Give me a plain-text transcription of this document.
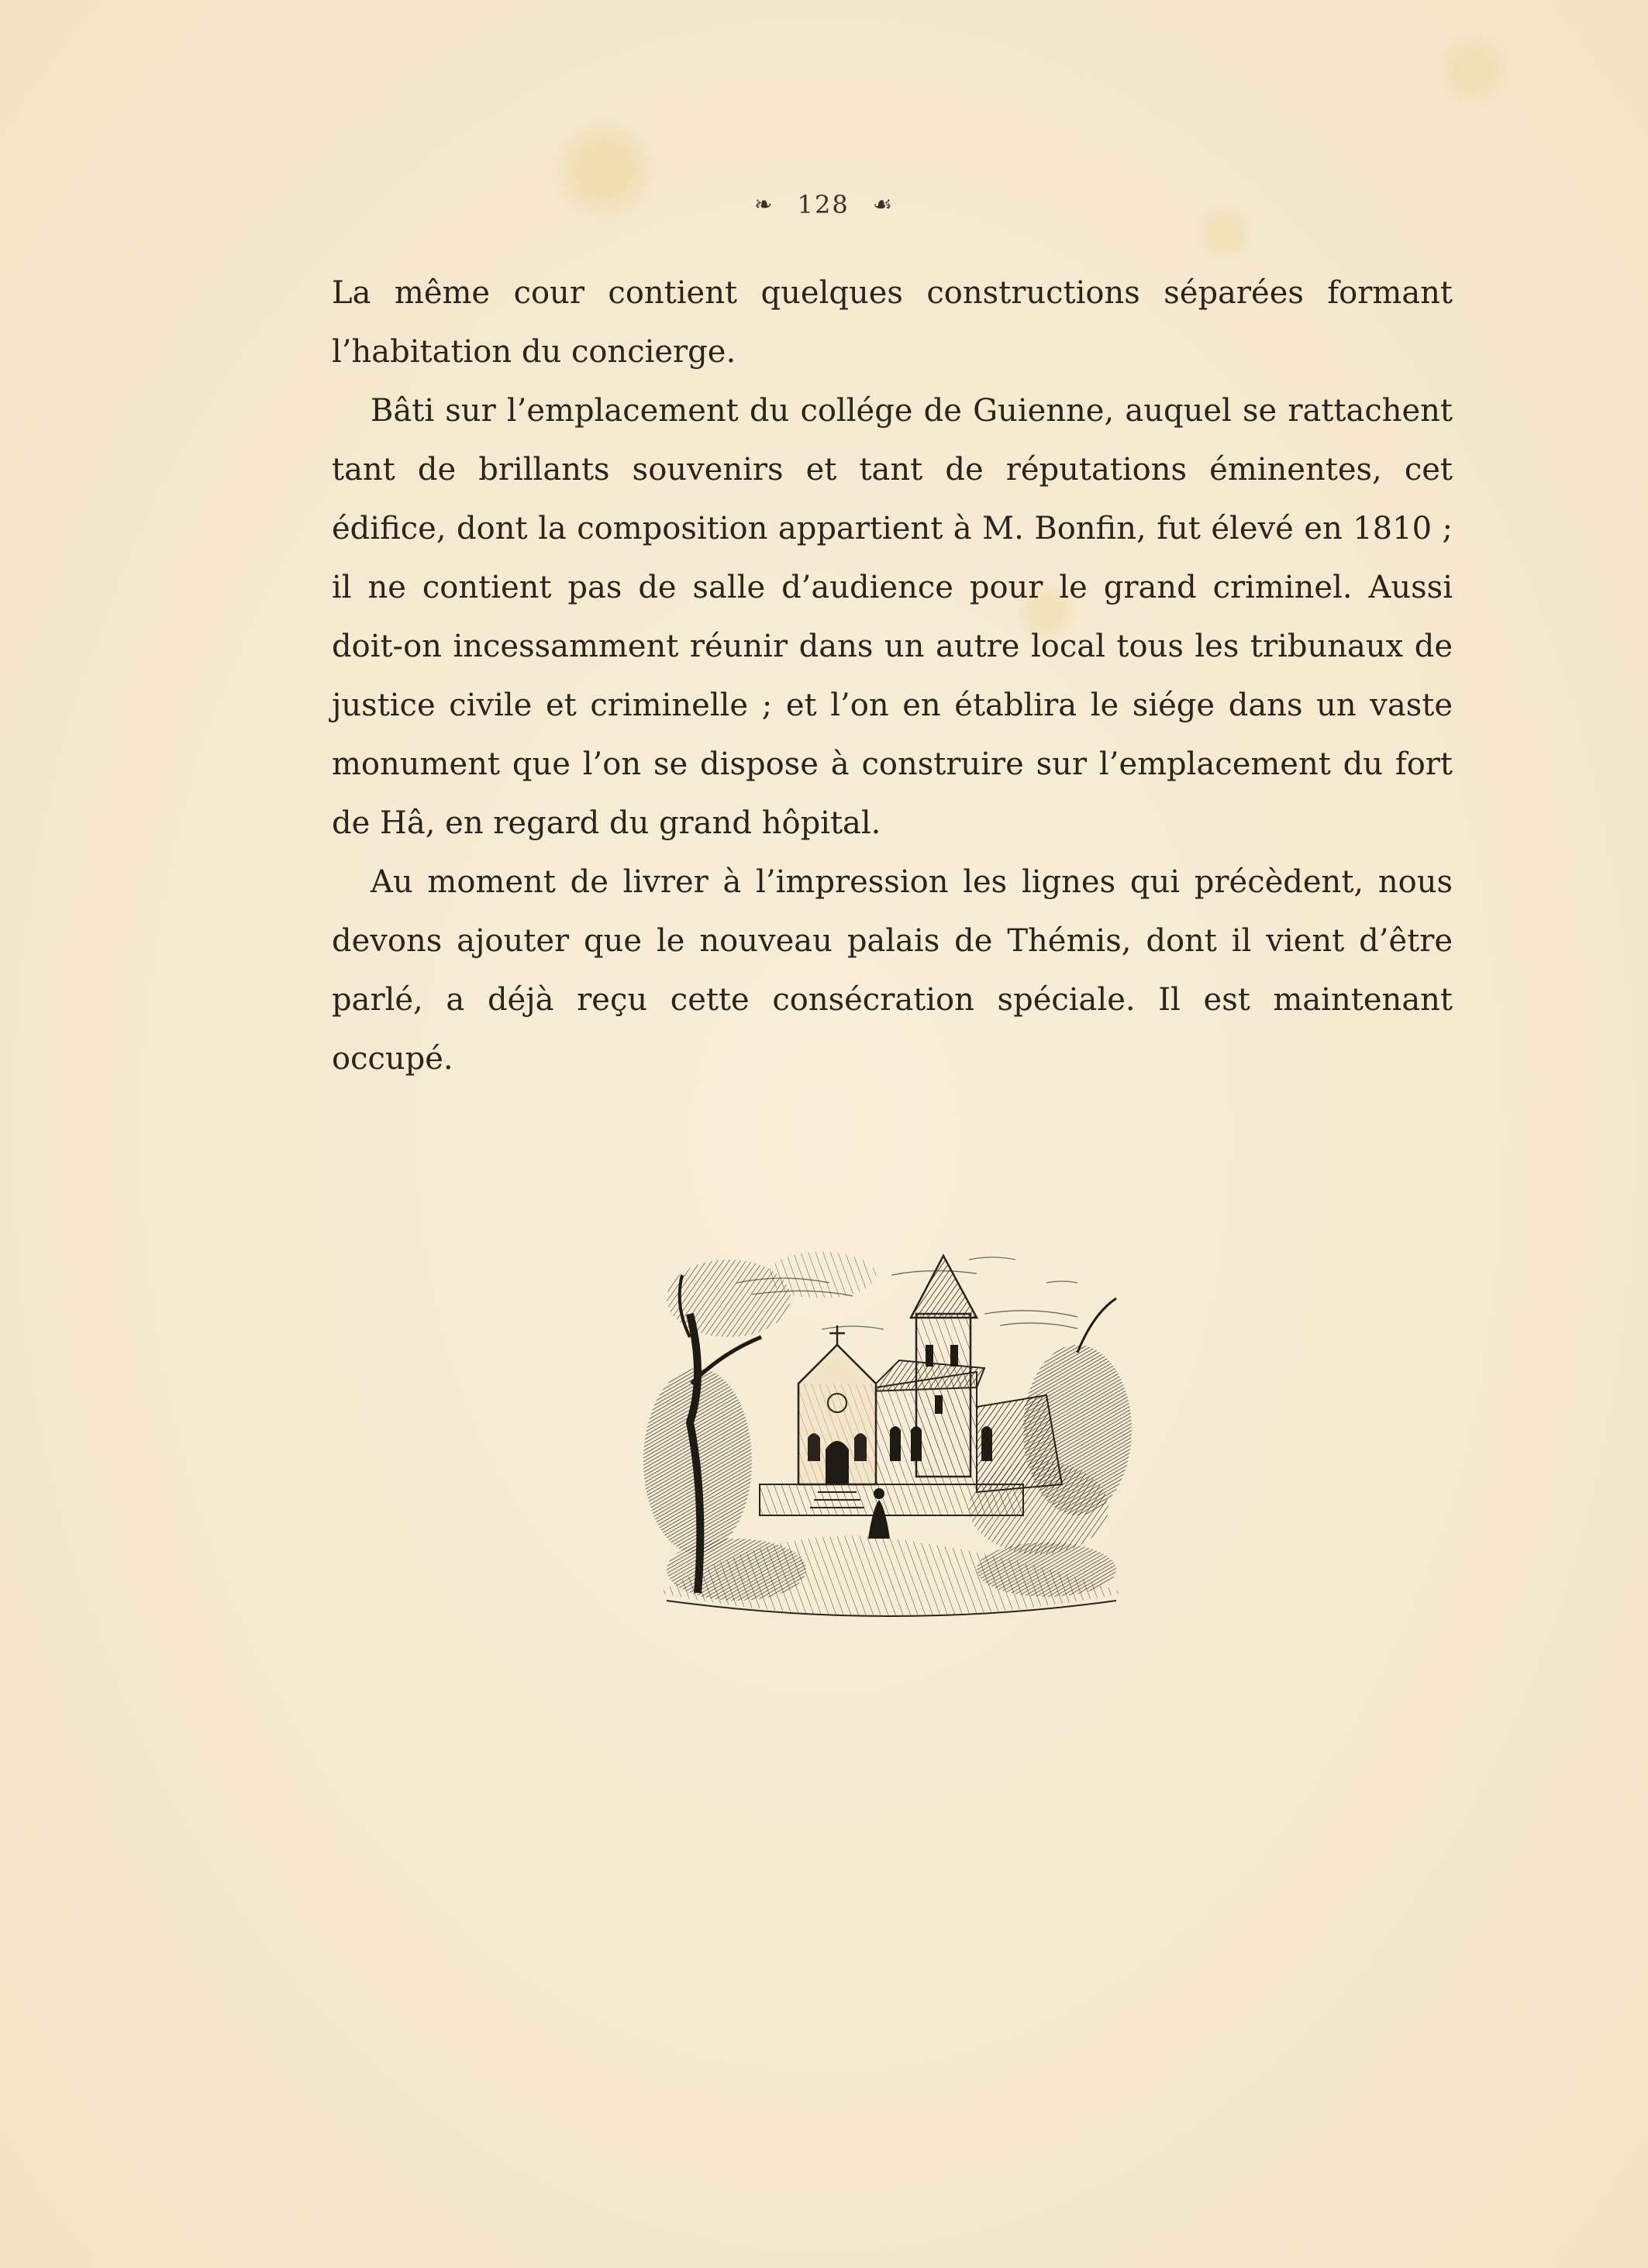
❧ 128 ☙

La même cour contient quelques constructions séparées formant l’habitation du concierge.

Bâti sur l’emplacement du collége de Guienne, auquel se rattachent tant de brillants souvenirs et tant de réputations éminentes, cet édifice, dont la composition appartient à M. Bonfin, fut élevé en 1810 ; il ne contient pas de salle d’audience pour le grand criminel. Aussi doit-on incessamment réunir dans un autre local tous les tribunaux de justice civile et criminelle ; et l’on en établira le siége dans un vaste monument que l’on se dispose à construire sur l’emplacement du fort de Hâ, en regard du grand hôpital.

Au moment de livrer à l’impression les lignes qui précèdent, nous devons ajouter que le nouveau palais de Thémis, dont il vient d’être parlé, a déjà reçu cette consécration spéciale. Il est maintenant occupé.
